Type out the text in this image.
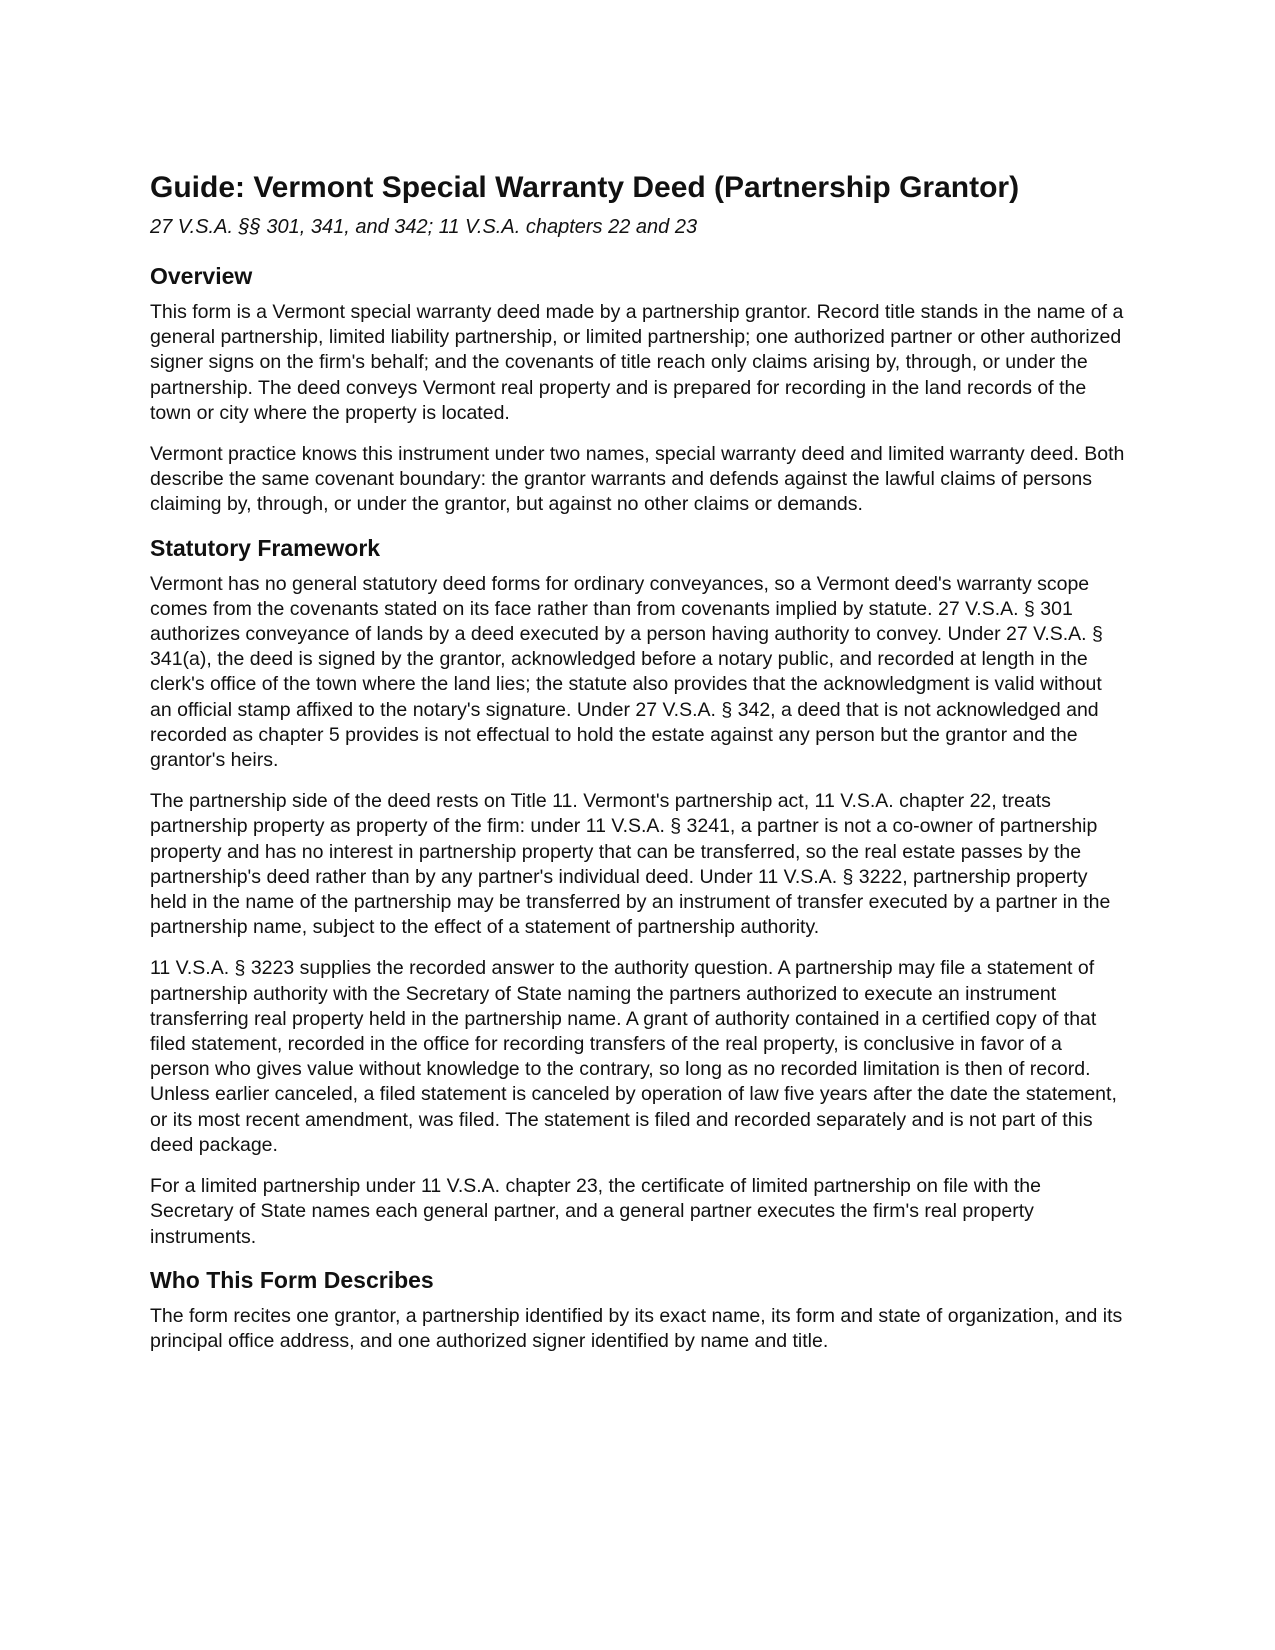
Guide: Vermont Special Warranty Deed (Partnership Grantor)
27 V.S.A. §§ 301, 341, and 342; 11 V.S.A. chapters 22 and 23
Overview

This form is a Vermont special warranty deed made by a partnership grantor. Record title stands in the name of a general partnership, limited liability partnership, or limited partnership; one authorized partner or other authorized signer signs on the firm's behalf; and the covenants of title reach only claims arising by, through, or under the partnership. The deed conveys Vermont real property and is prepared for recording in the land records of the town or city where the property is located.

Vermont practice knows this instrument under two names, special warranty deed and limited warranty deed. Both describe the same covenant boundary: the grantor warrants and defends against the lawful claims of persons claiming by, through, or under the grantor, but against no other claims or demands.

Statutory Framework

Vermont has no general statutory deed forms for ordinary conveyances, so a Vermont deed's warranty scope comes from the covenants stated on its face rather than from covenants implied by statute. 27 V.S.A. § 301 authorizes conveyance of lands by a deed executed by a person having authority to convey. Under 27 V.S.A. § 341(a), the deed is signed by the grantor, acknowledged before a notary public, and recorded at length in the clerk's office of the town where the land lies; the statute also provides that the acknowledgment is valid without an official stamp affixed to the notary's signature. Under 27 V.S.A. § 342, a deed that is not acknowledged and recorded as chapter 5 provides is not effectual to hold the estate against any person but the grantor and the grantor's heirs.

The partnership side of the deed rests on Title 11. Vermont's partnership act, 11 V.S.A. chapter 22, treats partnership property as property of the firm: under 11 V.S.A. § 3241, a partner is not a co-owner of partnership property and has no interest in partnership property that can be transferred, so the real estate passes by the partnership's deed rather than by any partner's individual deed. Under 11 V.S.A. § 3222, partnership property held in the name of the partnership may be transferred by an instrument of transfer executed by a partner in the partnership name, subject to the effect of a statement of partnership authority.

11 V.S.A. § 3223 supplies the recorded answer to the authority question. A partnership may file a statement of partnership authority with the Secretary of State naming the partners authorized to execute an instrument transferring real property held in the partnership name. A grant of authority contained in a certified copy of that filed statement, recorded in the office for recording transfers of the real property, is conclusive in favor of a person who gives value without knowledge to the contrary, so long as no recorded limitation is then of record. Unless earlier canceled, a filed statement is canceled by operation of law five years after the date the statement, or its most recent amendment, was filed. The statement is filed and recorded separately and is not part of this deed package.

For a limited partnership under 11 V.S.A. chapter 23, the certificate of limited partnership on file with the Secretary of State names each general partner, and a general partner executes the firm's real property instruments.

Who This Form Describes

The form recites one grantor, a partnership identified by its exact name, its form and state of organization, and its principal office address, and one authorized signer identified by name and title.
